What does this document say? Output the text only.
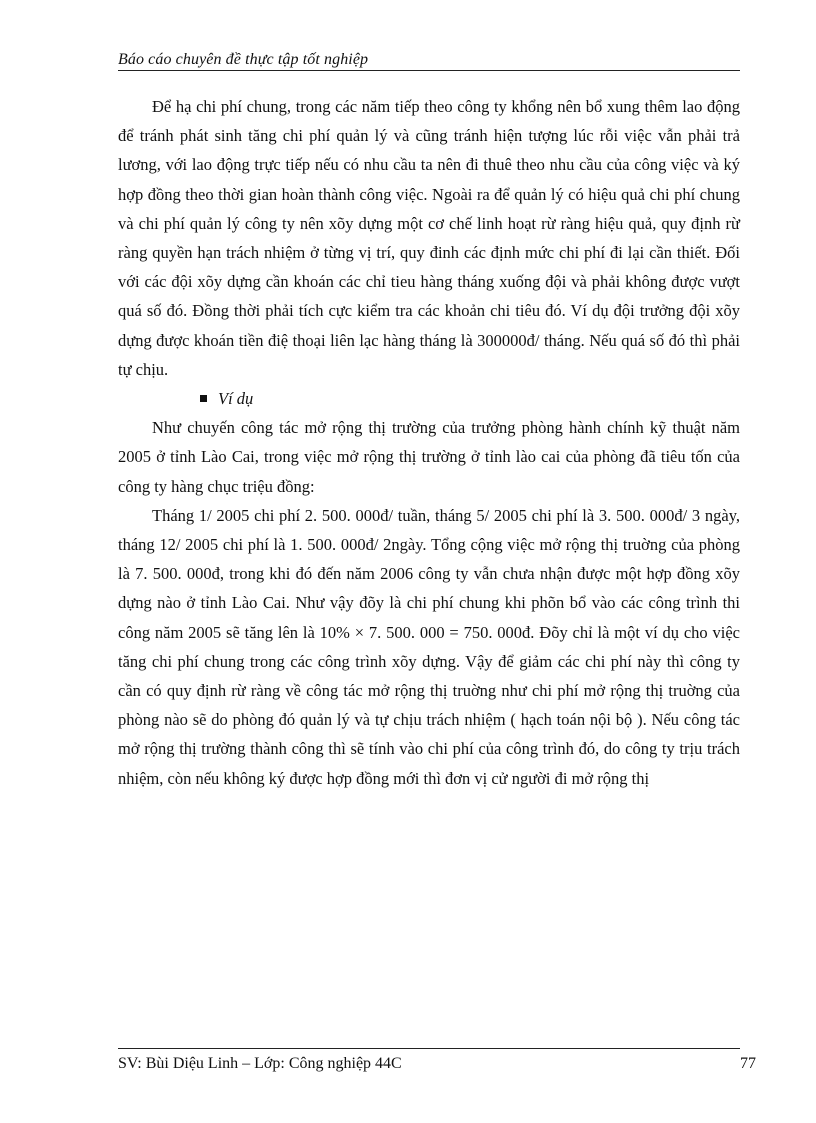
Báo cáo chuyên đề thực tập tốt nghiệp

Để hạ chi phí chung, trong các năm tiếp theo công ty khổng nên bổ xung thêm lao động để tránh phát sinh tăng chi phí quản lý và cũng tránh hiện tượng lúc rỗi việc vẫn phải trả lương, với lao động trực tiếp nếu có nhu cầu ta nên đi thuê theo nhu cầu của công việc và ký hợp đồng theo thời gian hoàn thành công việc. Ngoài ra để quản lý có hiệu quả chi phí chung và chi phí quản lý công ty nên xõy dựng một cơ chế linh hoạt rừ ràng hiệu quả, quy định rừ ràng quyền hạn trách nhiệm ở từng vị trí, quy đinh các định mức chi phí đi lại cần thiết. Đối với các đội xõy dựng cần khoán các chỉ tieu hàng tháng xuống đội và phải không được vượt quá số đó. Đồng thời phải tích cực kiểm tra các khoản chi tiêu đó. Ví dụ đội trưởng đội xõy dựng được khoán tiền điệ thoại liên lạc hàng tháng là 300000đ/ tháng. Nếu quá số đó thì phải tự chịu.

Ví dụ

Như chuyến công tác mở rộng thị trường của trưởng phòng hành chính kỹ thuật năm 2005 ở tỉnh Lào Cai, trong việc mở rộng thị trường ở tỉnh lào cai của phòng đã tiêu tốn của công ty hàng chục triệu đồng:

Tháng 1/ 2005 chi phí 2. 500. 000đ/ tuần, tháng 5/ 2005 chi phí là 3. 500. 000đ/ 3 ngày, tháng 12/ 2005 chi phí là 1. 500. 000đ/ 2ngày. Tổng cộng việc mở rộng thị truờng của phòng là 7. 500. 000đ, trong khi đó đến năm 2006 công ty vẫn chưa nhận được một hợp đồng xõy dựng nào ở tỉnh Lào Cai. Như vậy đõy là chi phí chung khi phõn bổ vào các công trình thi công năm 2005 sẽ tăng lên là 10% × 7. 500. 000 = 750. 000đ. Đõy chỉ là một ví dụ cho việc tăng chi phí chung trong các công trình xõy dựng. Vậy để giảm các chi phí này thì công ty cần có quy định rừ ràng về công tác mở rộng thị truờng như chi phí mở rộng thị truờng của phòng nào sẽ do phòng đó quản lý và tự chịu trách nhiệm ( hạch toán nội bộ ). Nếu công tác mở rộng thị trường thành công thì sẽ tính vào chi phí của công trình đó, do công ty trịu trách nhiệm, còn nếu không ký được hợp đồng mới thì đơn vị cử người đi mở rộng thị

SV: Bùi Diệu Linh – Lớp: Công nghiệp 44C	77
